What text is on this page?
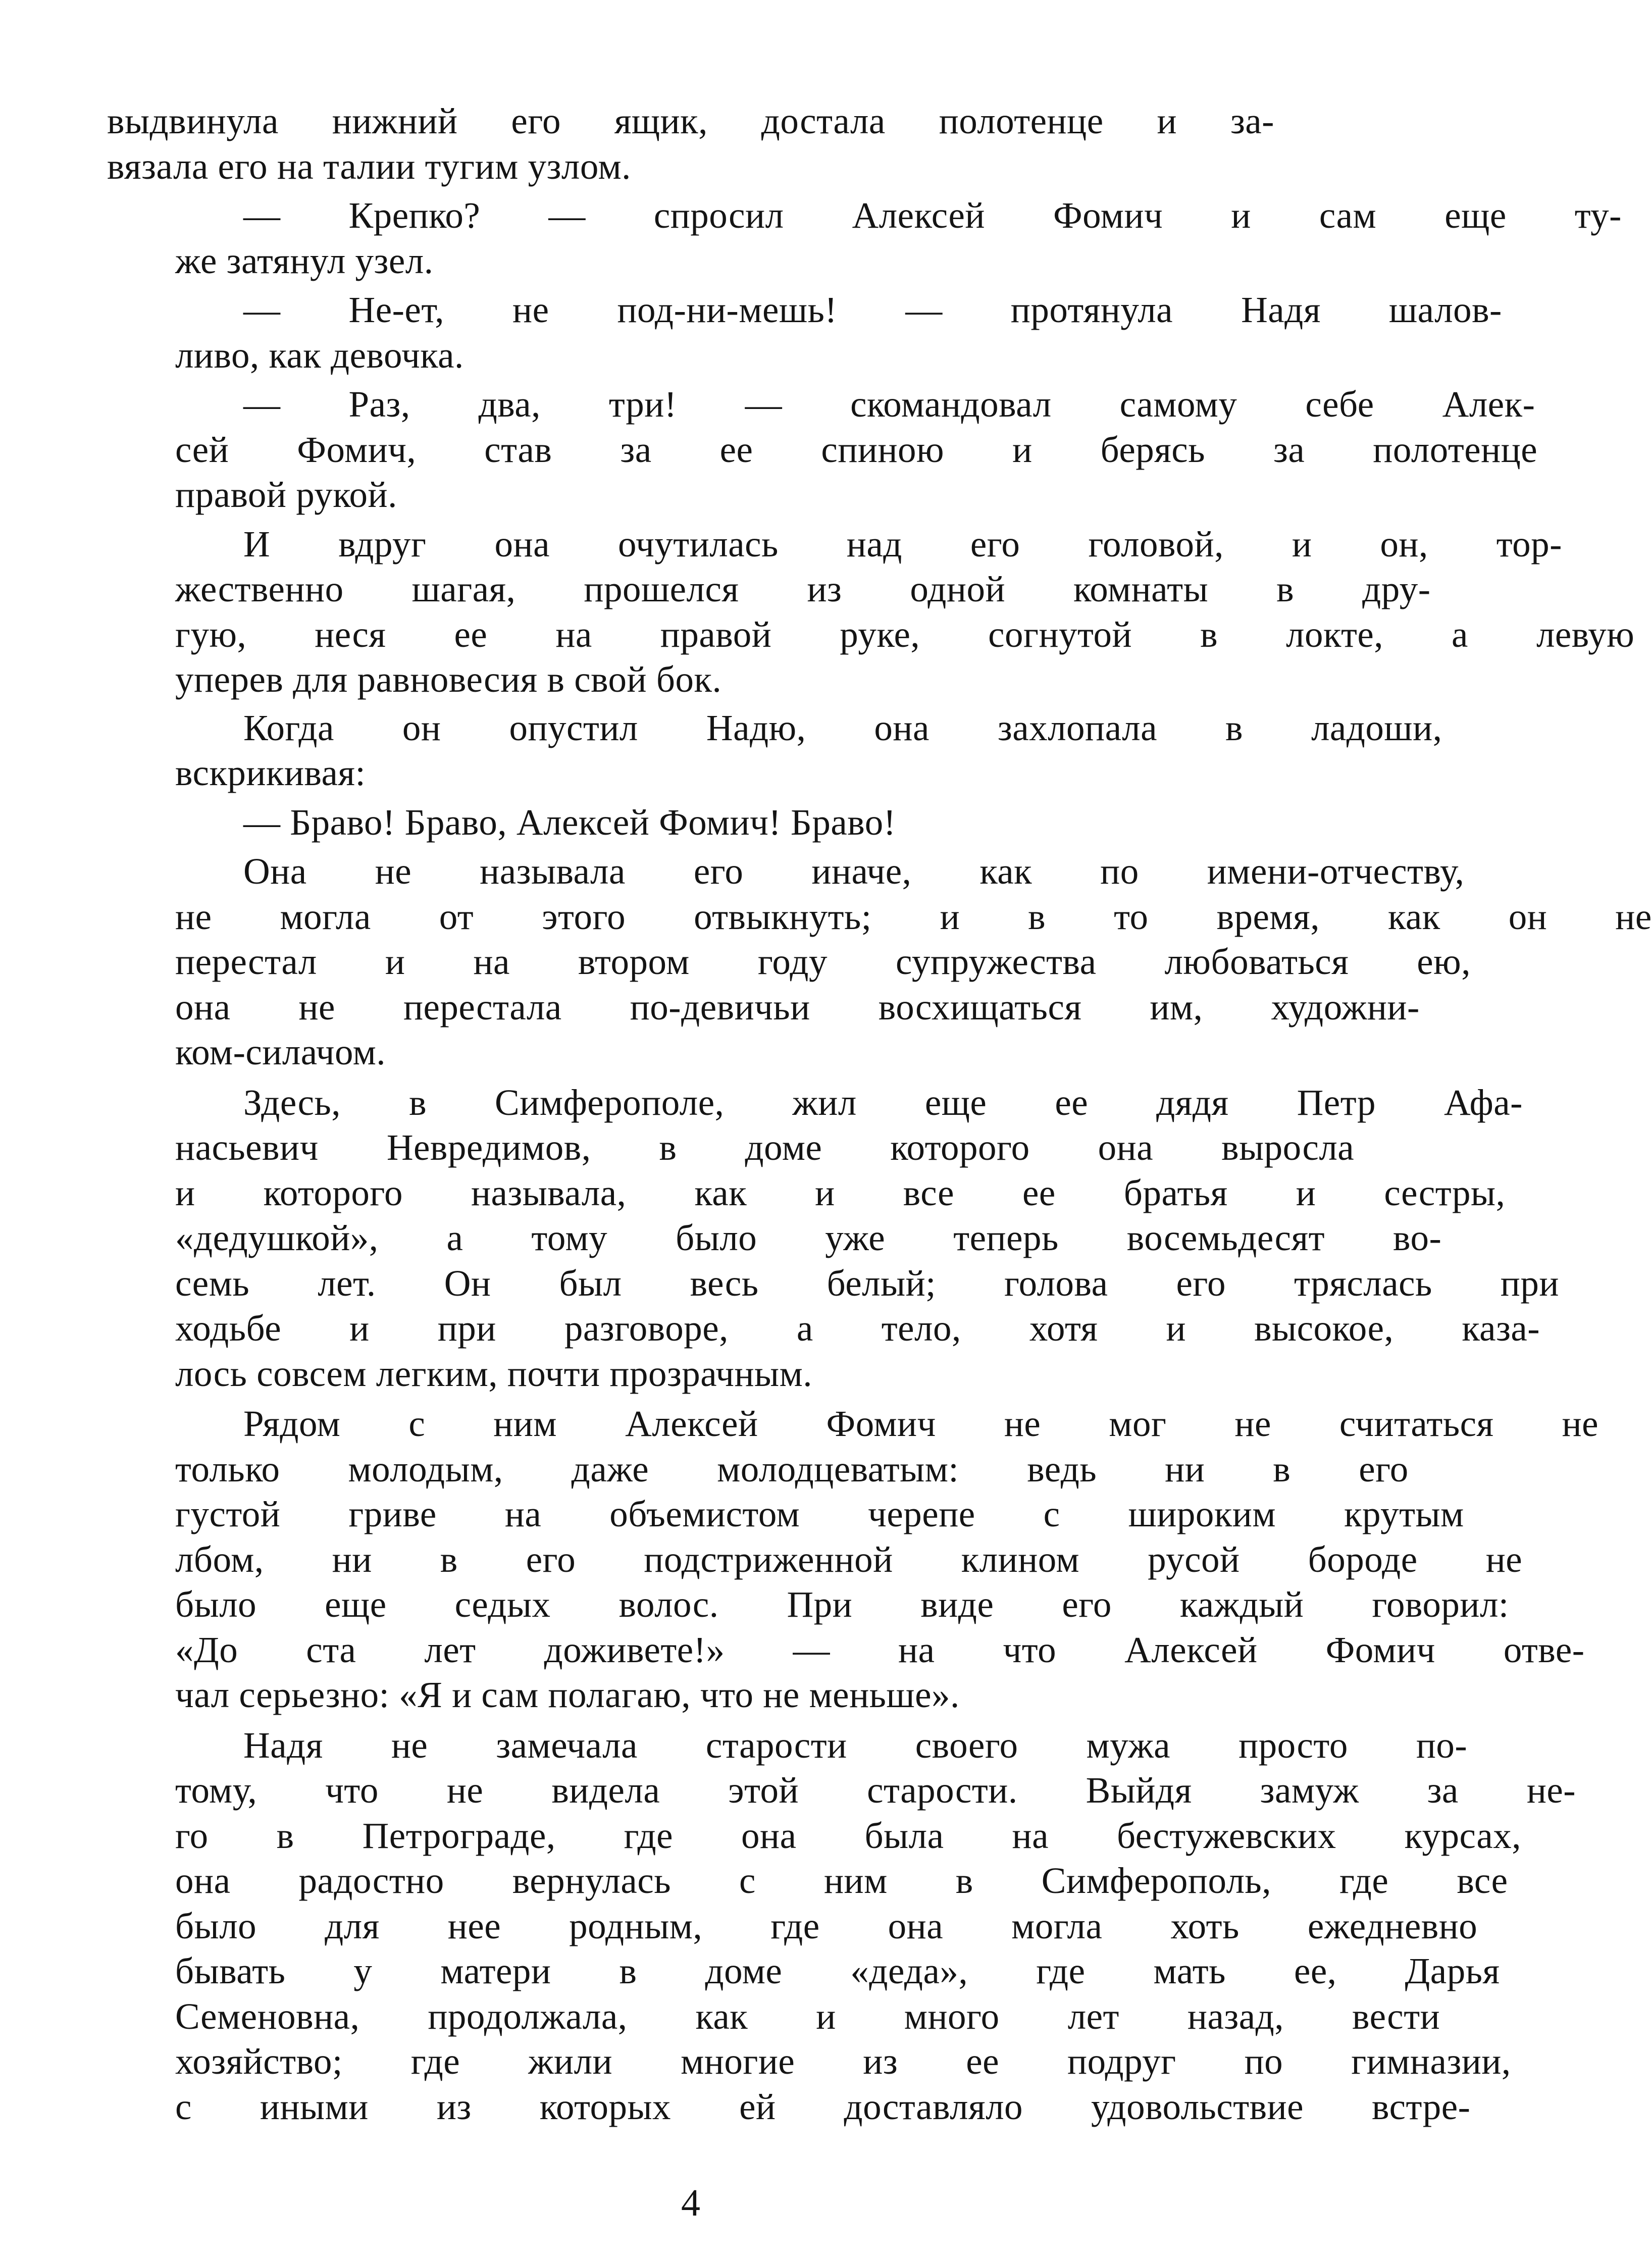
выдвинула нижний его ящик, достала полотенце и за-
вязала его на талии тугим узлом.
—	Крепко?	—	спросил	Алексей	Фомич	и	сам	еще	ту-
же затянул узел.
—	Не-ет,	не	под-ни-мешь!	—	протянула	Надя	шалов-
ливо, как девочка.
—	Раз,	два,	три!	—	скомандовал	самому	себе	Алек-
сей	Фомич,	став	за	ее	спиною	и	берясь	за	полотенце
правой рукой.
И	вдруг	она	очутилась	над	его	головой,	и	он,	тор-
жественно	шагая,	прошелся	из	одной	комнаты	в	дру-
гую,	неся	ее	на	правой	руке,	согнутой	в	локте,	а	левую
уперев для равновесия в свой бок.
Когда	он	опустил	Надю,	она	захлопала	в	ладоши,
вскрикивая:
— Браво! Браво, Алексей Фомич! Браво!
Она	не	называла	его	иначе,	как	по	имени-отчеству,
не	могла	от	этого	отвыкнуть;	и	в	то	время,	как	он	не
перестал	и	на	втором	году	супружества	любоваться	ею,
она	не	перестала	по-девичьи	восхищаться	им,	художни-
ком-силачом.
Здесь,	в	Симферополе,	жил	еще	ее	дядя	Петр	Афа-
насьевич	Невредимов,	в	доме	которого	она	выросла
и	которого	называла,	как	и	все	ее	братья	и	сестры,
«дедушкой»,	а	тому	было	уже	теперь	восемьдесят	во-
семь	лет.	Он	был	весь	белый;	голова	его	тряслась	при
ходьбе	и	при	разговоре,	а	тело,	хотя	и	высокое,	каза-
лось совсем легким, почти прозрачным.
Рядом	с	ним	Алексей	Фомич	не	мог	не	считаться	не
только	молодым,	даже	молодцеватым:	ведь	ни	в	его
густой	гриве	на	объемистом	черепе	с	широким	крутым
лбом,	ни	в	его	подстриженной	клином	русой	бороде	не
было	еще	седых	волос.	При	виде	его	каждый	говорил:
«До	ста	лет	доживете!»	—	на	что	Алексей	Фомич	отве-
чал серьезно: «Я и сам полагаю, что не меньше».
Надя	не	замечала	старости	своего	мужа	просто	по-
тому,	что	не	видела	этой	старости.	Выйдя	замуж	за	не-
го	в	Петрограде,	где	она	была	на	бестужевских	курсах,
она	радостно	вернулась	с	ним	в	Симферополь,	где	все
было	для	нее	родным,	где	она	могла	хоть	ежедневно
бывать	у	матери	в	доме	«деда»,	где	мать	ее,	Дарья
Семеновна,	продолжала,	как	и	много	лет	назад,	вести
хозяйство;	где	жили	многие	из	ее	подруг	по	гимназии,
с	иными	из	которых	ей	доставляло	удовольствие	встре-
4
